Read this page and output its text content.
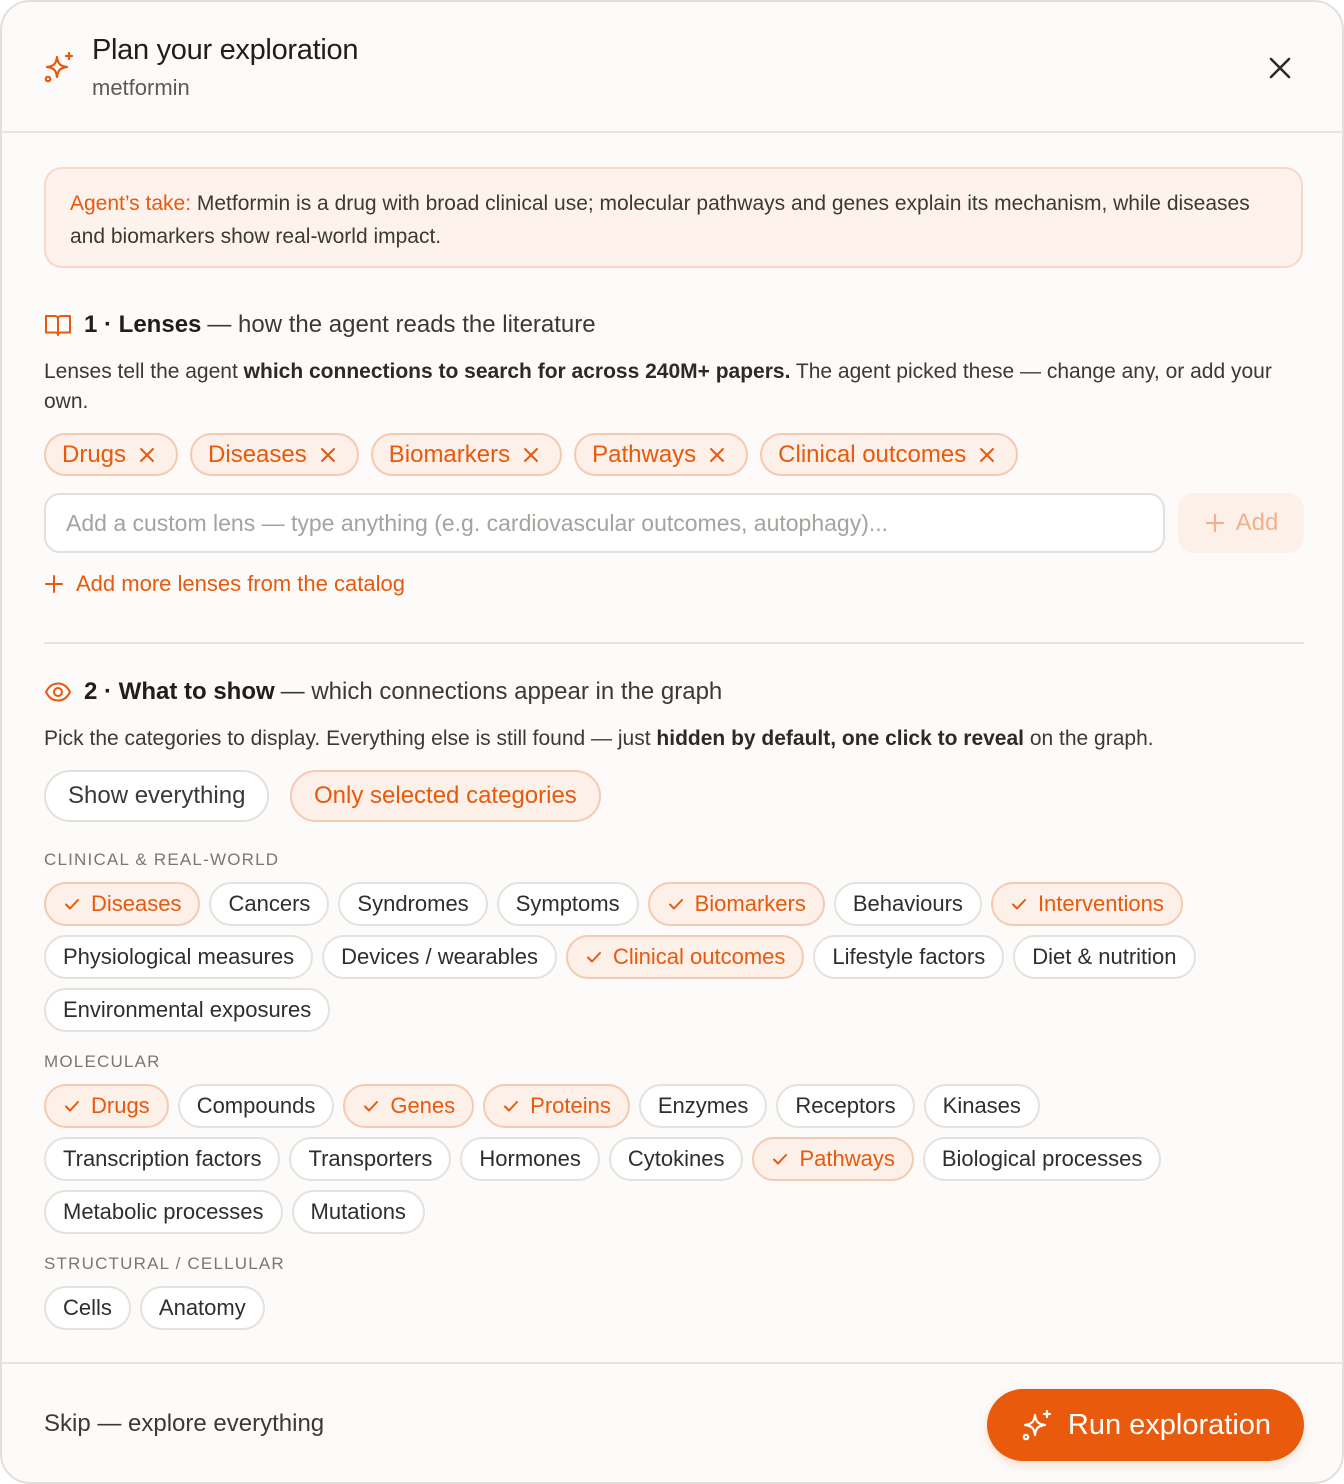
Plan your exploration
metformin
Agent’s take: Metformin is a drug with broad clinical use; molecular pathways and genes explain its mechanism, while diseases and biomarkers show real-world impact.
1 · Lenses — how the agent reads the literature
Lenses tell the agent which connections to search for across 240M+ papers. The agent picked these — change any, or add your own.
Drugs	Diseases	Biomarkers	Pathways	Clinical outcomes
Add a custom lens — type anything (e.g. cardiovascular outcomes, autophagy)...
Add
Add more lenses from the catalog
2 · What to show — which connections appear in the graph
Pick the categories to display. Everything else is still found — just hidden by default, one click to reveal on the graph.
Show everything	Only selected categories
CLINICAL & REAL-WORLD
Diseases Cancers Syndromes Symptoms	Biomarkers Behaviours	Interventions
Physiological measures Devices / wearables	Clinical outcomes Lifestyle factors Diet & nutrition
Environmental exposures
MOLECULAR
Drugs Compounds	Genes	Proteins Enzymes Receptors Kinases
Transcription factors Transporters Hormones Cytokines	Pathways Biological processes
Metabolic processes Mutations
STRUCTURAL / CELLULAR
Cells Anatomy
Skip — explore everything	Run exploration
